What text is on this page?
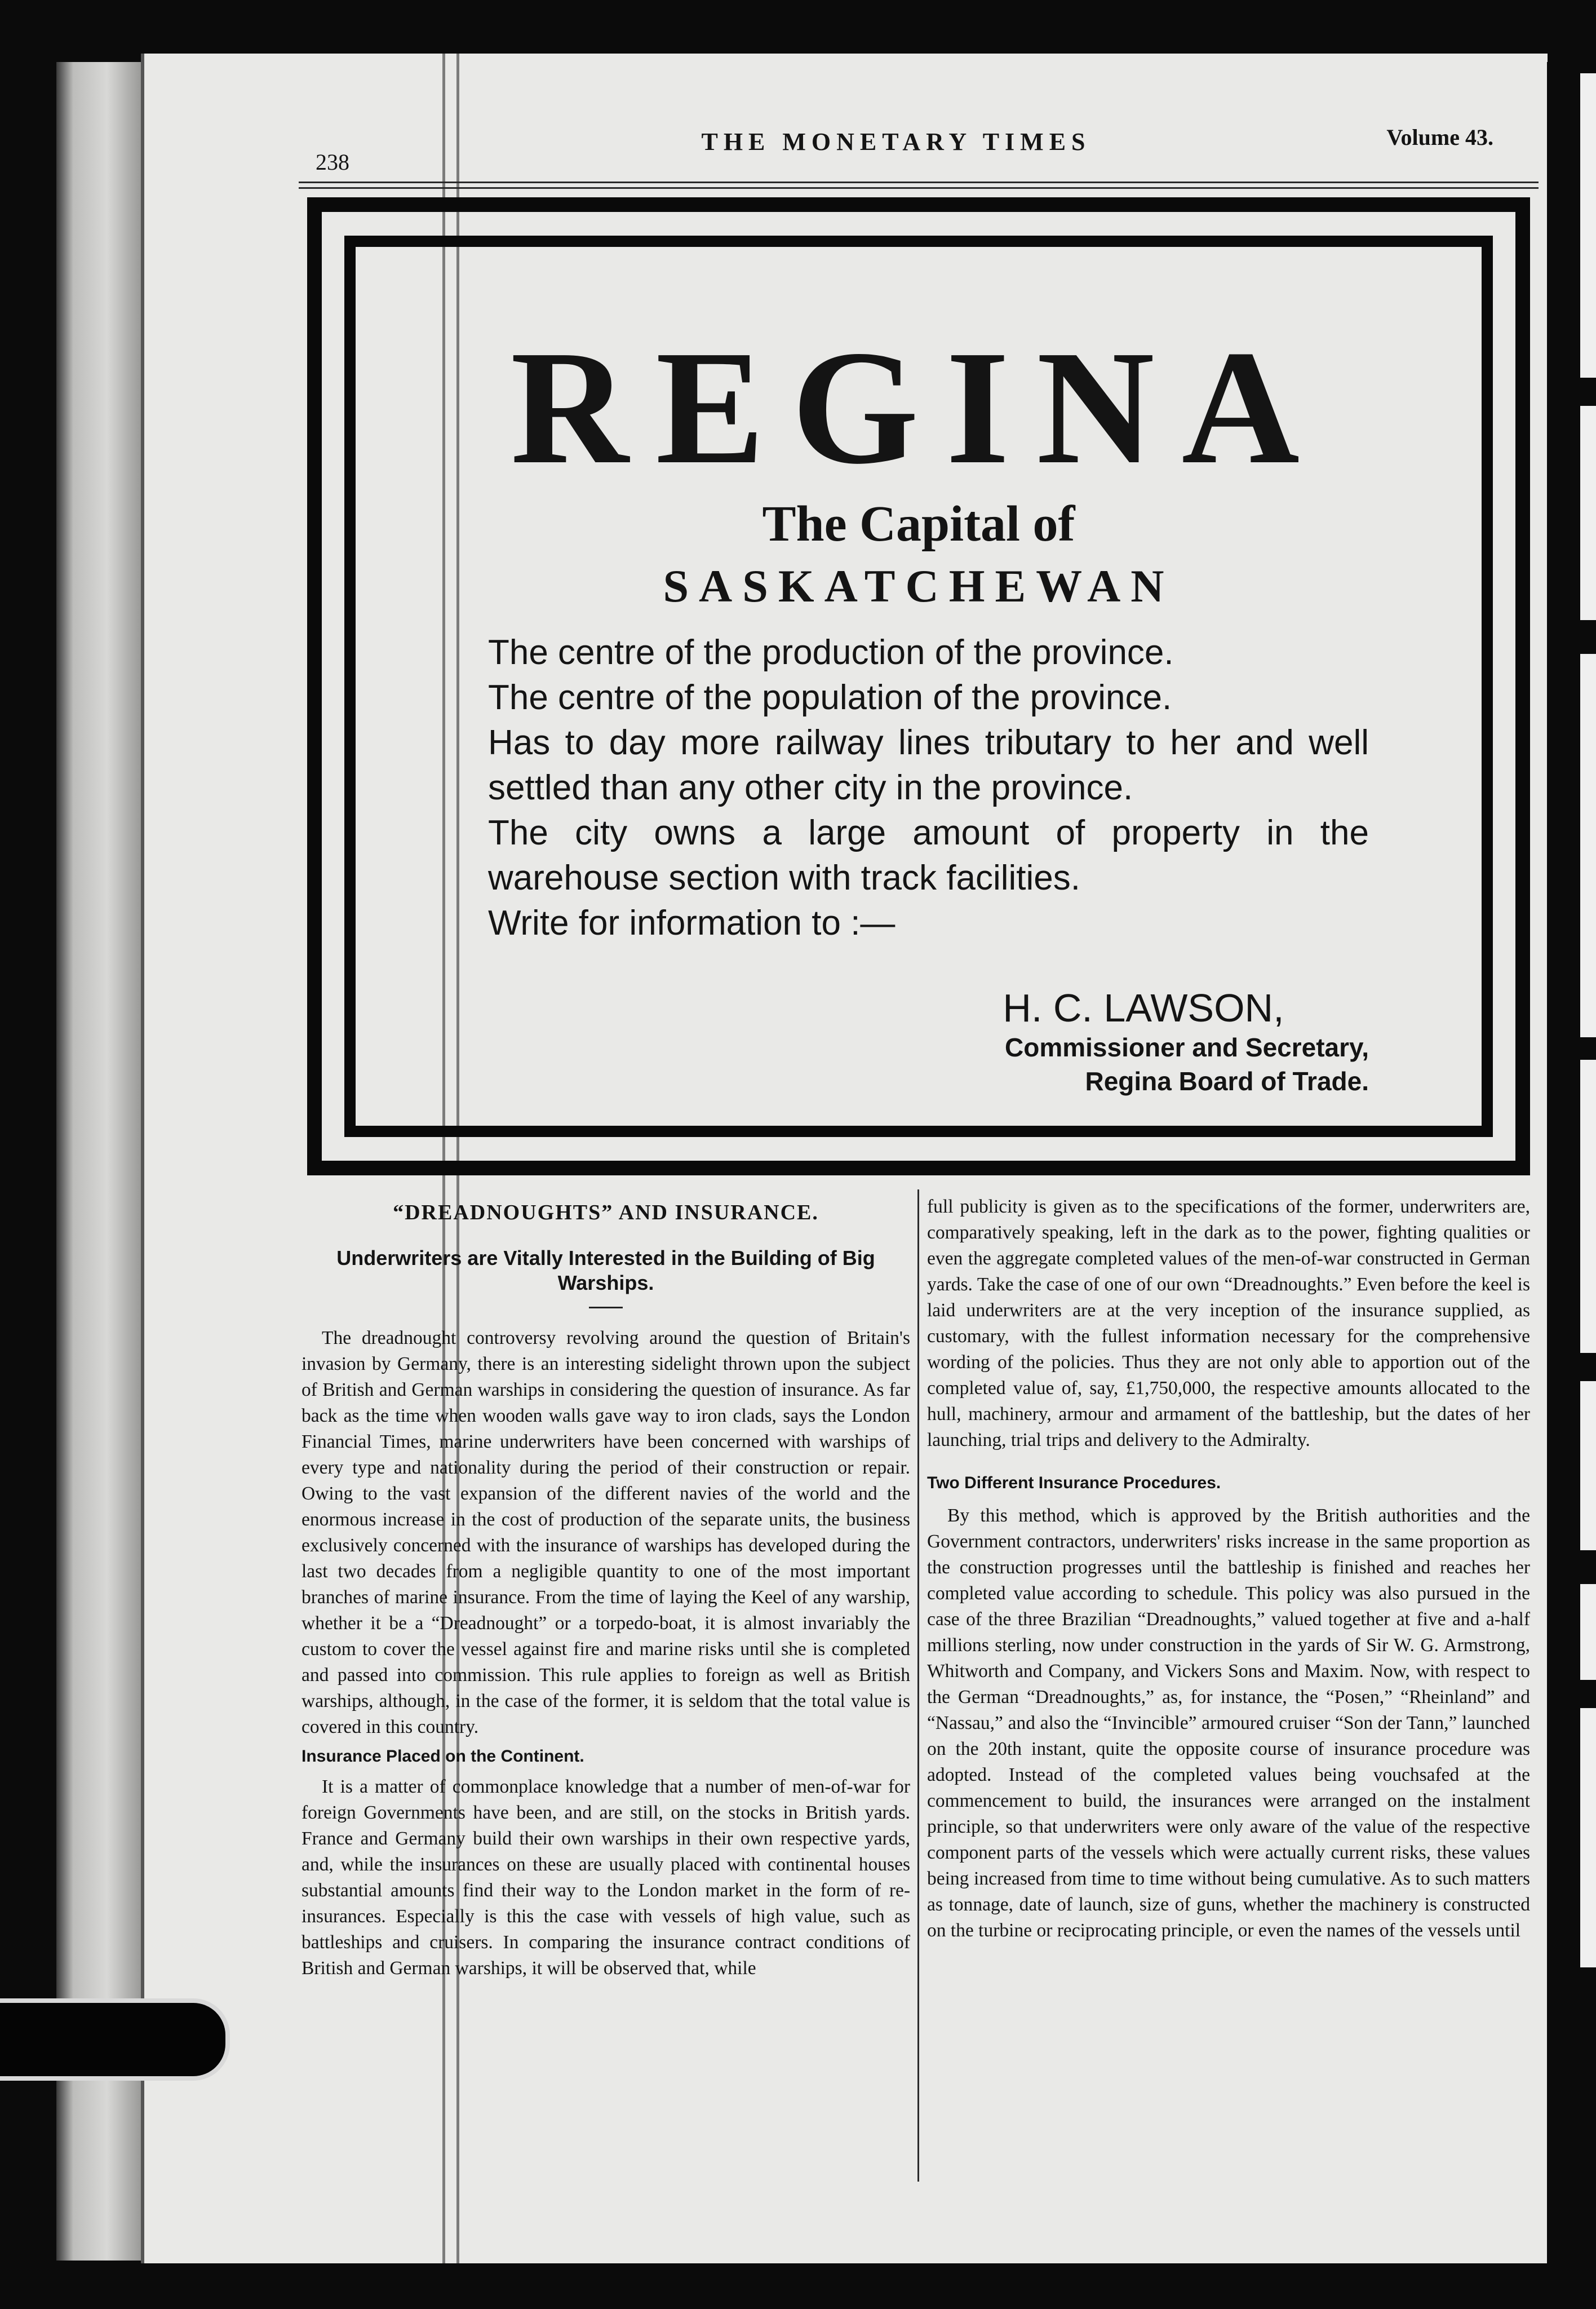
238
THE MONETARY TIMES	Volume 43.
REGINA
The Capital of
SASKATCHEWAN

The centre of the production of the province.

The centre of the population of the province.

Has to day more railway lines tributary to her and well settled than any other city in the province.

The city owns a large amount of property in the warehouse section with track facilities.

Write for information to :—

H. C. LAWSON,
Commissioner and Secretary,
Regina Board of Trade.
“DREADNOUGHTS” AND INSURANCE.
Underwriters are Vitally Interested in the Building of Big Warships.

The dreadnought controversy revolving around the question of Britain's invasion by Germany, there is an interesting sidelight thrown upon the subject of British and German warships in considering the question of insurance. As far back as the time when wooden walls gave way to iron clads, says the London Financial Times, marine underwriters have been concerned with warships of every type and nationality during the period of their construction or repair. Owing to the vast expansion of the different navies of the world and the enormous increase in the cost of production of the separate units, the business exclusively concerned with the insurance of warships has developed during the last two decades from a negligible quantity to one of the most important branches of marine insurance. From the time of laying the Keel of any warship, whether it be a “Dreadnought” or a torpedo-boat, it is almost invariably the custom to cover the vessel against fire and marine risks until she is completed and passed into commission. This rule applies to foreign as well as British warships, although, in the case of the former, it is seldom that the total value is covered in this country.

Insurance Placed on the Continent.

It is a matter of commonplace knowledge that a number of men-of-war for foreign Governments have been, and are still, on the stocks in British yards. France and Germany build their own warships in their own respective yards, and, while the insurances on these are usually placed with continental houses substantial amounts find their way to the London market in the form of re-insurances. Especially is this the case with vessels of high value, such as battleships and cruisers. In comparing the insurance contract conditions of British and German warships, it will be observed that, while

full publicity is given as to the specifications of the former, underwriters are, comparatively speaking, left in the dark as to the power, fighting qualities or even the aggregate completed values of the men-of-war constructed in German yards. Take the case of one of our own “Dreadnoughts.” Even before the keel is laid underwriters are at the very inception of the insurance supplied, as customary, with the fullest information necessary for the comprehensive wording of the policies. Thus they are not only able to apportion out of the completed value of, say, £1,750,000, the respective amounts allocated to the hull, machinery, armour and armament of the battleship, but the dates of her launching, trial trips and delivery to the Admiralty.

Two Different Insurance Procedures.

By this method, which is approved by the British authorities and the Government contractors, underwriters' risks increase in the same proportion as the construction progresses until the battleship is finished and reaches her completed value according to schedule. This policy was also pursued in the case of the three Brazilian “Dreadnoughts,” valued together at five and a-half millions sterling, now under construction in the yards of Sir W. G. Armstrong, Whitworth and Company, and Vickers Sons and Maxim. Now, with respect to the German “Dreadnoughts,” as, for instance, the “Posen,” “Rheinland” and “Nassau,” and also the “Invincible” armoured cruiser “Son der Tann,” launched on the 20th instant, quite the opposite course of insurance procedure was adopted. Instead of the completed values being vouchsafed at the commencement to build, the insurances were arranged on the instalment principle, so that underwriters were only aware of the value of the respective component parts of the vessels which were actually current risks, these values being increased from time to time without being cumulative. As to such matters as tonnage, date of launch, size of guns, whether the machinery is constructed on the turbine or reciprocating principle, or even the names of the vessels until
